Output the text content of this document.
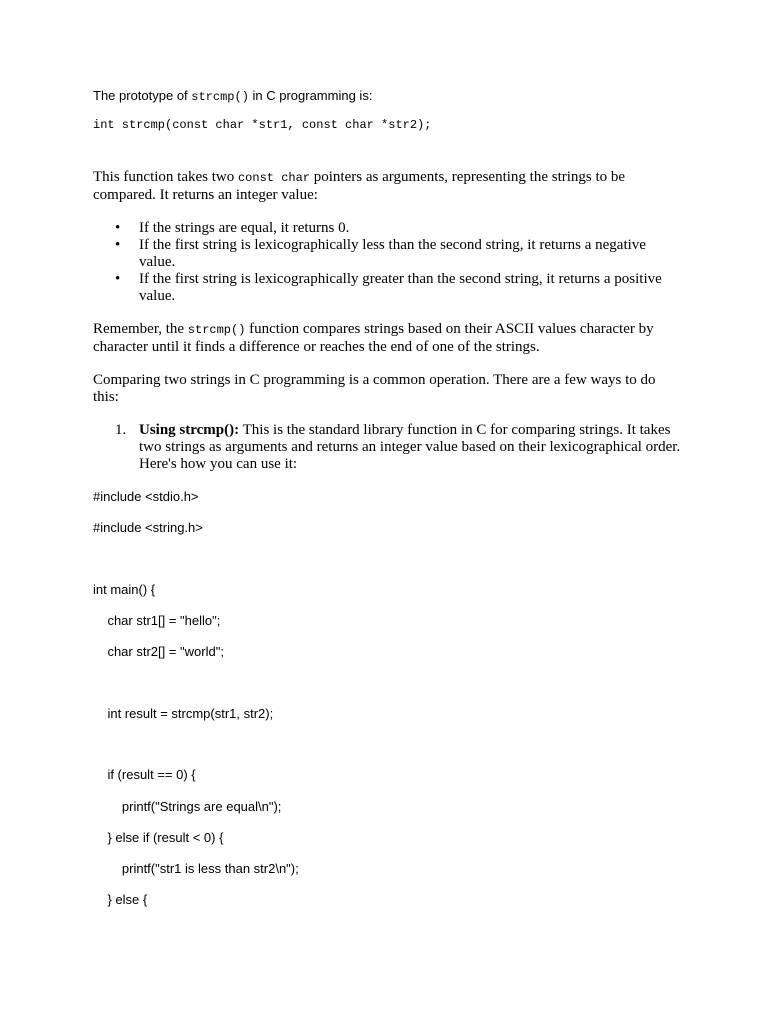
The prototype of strcmp() in C programming is:
int strcmp(const char *str1, const char *str2);
This function takes two const char pointers as arguments, representing the strings to be compared. It returns an integer value:
• If the strings are equal, it returns 0.
• If the first string is lexicographically less than the second string, it returns a negative value.
• If the first string is lexicographically greater than the second string, it returns a positive value.
Remember, the strcmp() function compares strings based on their ASCII values character by character until it finds a difference or reaches the end of one of the strings.
Comparing two strings in C programming is a common operation. There are a few ways to do this:
1. Using strcmp(): This is the standard library function in C for comparing strings. It takes two strings as arguments and returns an integer value based on their lexicographical order. Here's how you can use it:
#include <stdio.h>
#include <string.h>
int main() {
char str1[] = "hello";
char str2[] = "world";
int result = strcmp(str1, str2);
if (result == 0) {
printf("Strings are equal\n");
} else if (result < 0) {
printf("str1 is less than str2\n");
} else {
